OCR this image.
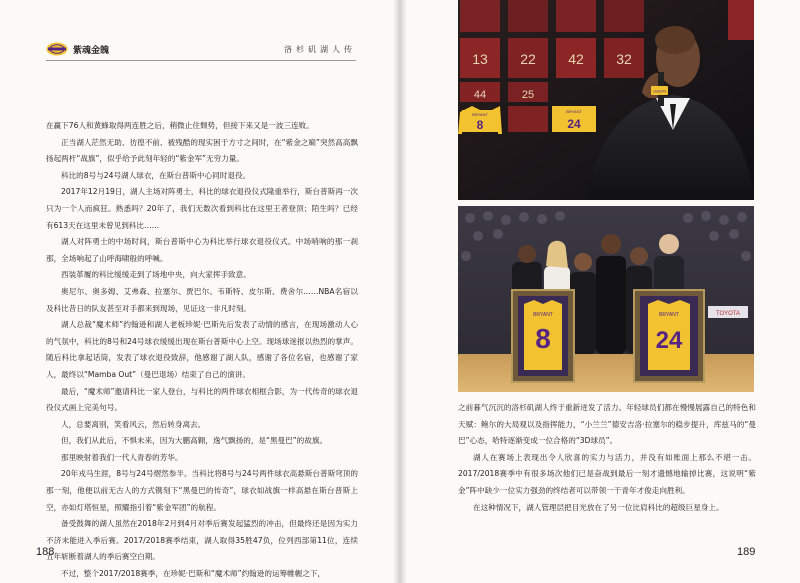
紫魂金魄	洛杉矶湖人传

在赢下76人和黄蜂取得两连胜之后，稍微止住颓势，但接下来又是一波三连败。

正当湖人茫然无助、彷徨不前、被残酷的现实困于方寸之间时，在“紫金之巅”突然高高飘扬起两杆“战旗”，似乎给予此刻年轻的“紫金军”无穷力量。

科比的8号与24号湖人球衣，在斯台普斯中心同时退役。

2017年12月19日，湖人主场对阵勇士，科比的球衣退役仪式隆重举行，斯台普斯再一次只为一个人而疯狂。熟悉吗？20年了，我们无数次看到科比在这里王者登顶；陌生吗？已经有613天在这里未曾见到科比……

湖人对阵勇士的中场时间，斯台普斯中心为科比举行球衣退役仪式。中场哨响的那一刹那，全场响起了山呼海啸般的呼喊。

西装革履的科比缓缓走到了场地中央，向大家挥手致意。

奥尼尔、奥多姆、艾弗森、拉塞尔、贾巴尔、韦斯特、皮尔斯、费舍尔……NBA名宿以及科比昔日的队友甚至对手都来到现场，见证这一非凡时刻。

湖人总裁“魔术师”约翰逊和湖人老板珍妮·巴斯先后发表了动情的感言，在现场激动人心的气氛中，科比的8号和24号球衣缓缓出现在斯台普斯中心上空。现场球迷报以热烈的掌声。随后科比拿起话筒，发表了球衣退役致辞，他感谢了湖人队，感谢了各位名宿，也感谢了家人，最终以“Mamba Out”（曼巴退场）结束了自己的演讲。

最后，“魔术师”邀请科比一家人登台，与科比的两件球衣相框合影，为一代传奇的球衣退役仪式画上完美句号。

人，总要离别，笑看风云，然后转身离去。

但，我们从此后，不惧未来，因为大鹏高翱，逸气飘扬的，是“黑曼巴”的故旗。

那里映射着我们一代人青春的芳华。

20年戎马生涯，8号与24号熠然参半。当科比将8号与24号两件球衣高悬斯台普斯穹顶的那一刻，他便以前无古人的方式镌刻下“黑曼巴的传奇”，球衣如战旗一样高悬在斯台普斯上空，亦如灯塔恒星，照耀指引着“紫金军团”的航程。

备受鼓舞的湖人虽然在2018年2月到4月对季后赛发起猛烈的冲击，但最终还是因为实力不济未能进入季后赛。2017/2018赛季结束，湖人取得35胜47负，位列西部第11位，连续五年斩断着湖人的季后赛空白期。

不过，整个2017/2018赛季，在珍妮·巴斯和“魔术师”约翰逊的运筹帷幄之下，

188
13 22 42 32
44	25
BRYANT
8
BRYANT
24
LAKERS
TOYOTA
BRYANT
8
BRYANT
24

之前暮气沉沉的洛杉矶湖人终于重新迸发了活力。年轻球员们都在慢慢展露自己的特色和天赋：鲍尔的大局观以及指挥能力，“小兰兰”德安吉洛·拉塞尔的稳步提升，库兹马的“曼巴”心态，哈特逐渐变成一位合格的“3D球员”。

湖人在赛场上表现出令人欣喜的实力与活力，并没有如账面上那么不堪一击。2017/2018赛季中有很多场次他们已是奋战到最后一刻才遗憾地输掉比赛，这说明“紫金”阵中缺少一位实力强劲的终结者可以带领一干青年才俊走向胜利。

在这种情况下，湖人管理层把目光放在了另一位比肩科比的超级巨星身上。

189
